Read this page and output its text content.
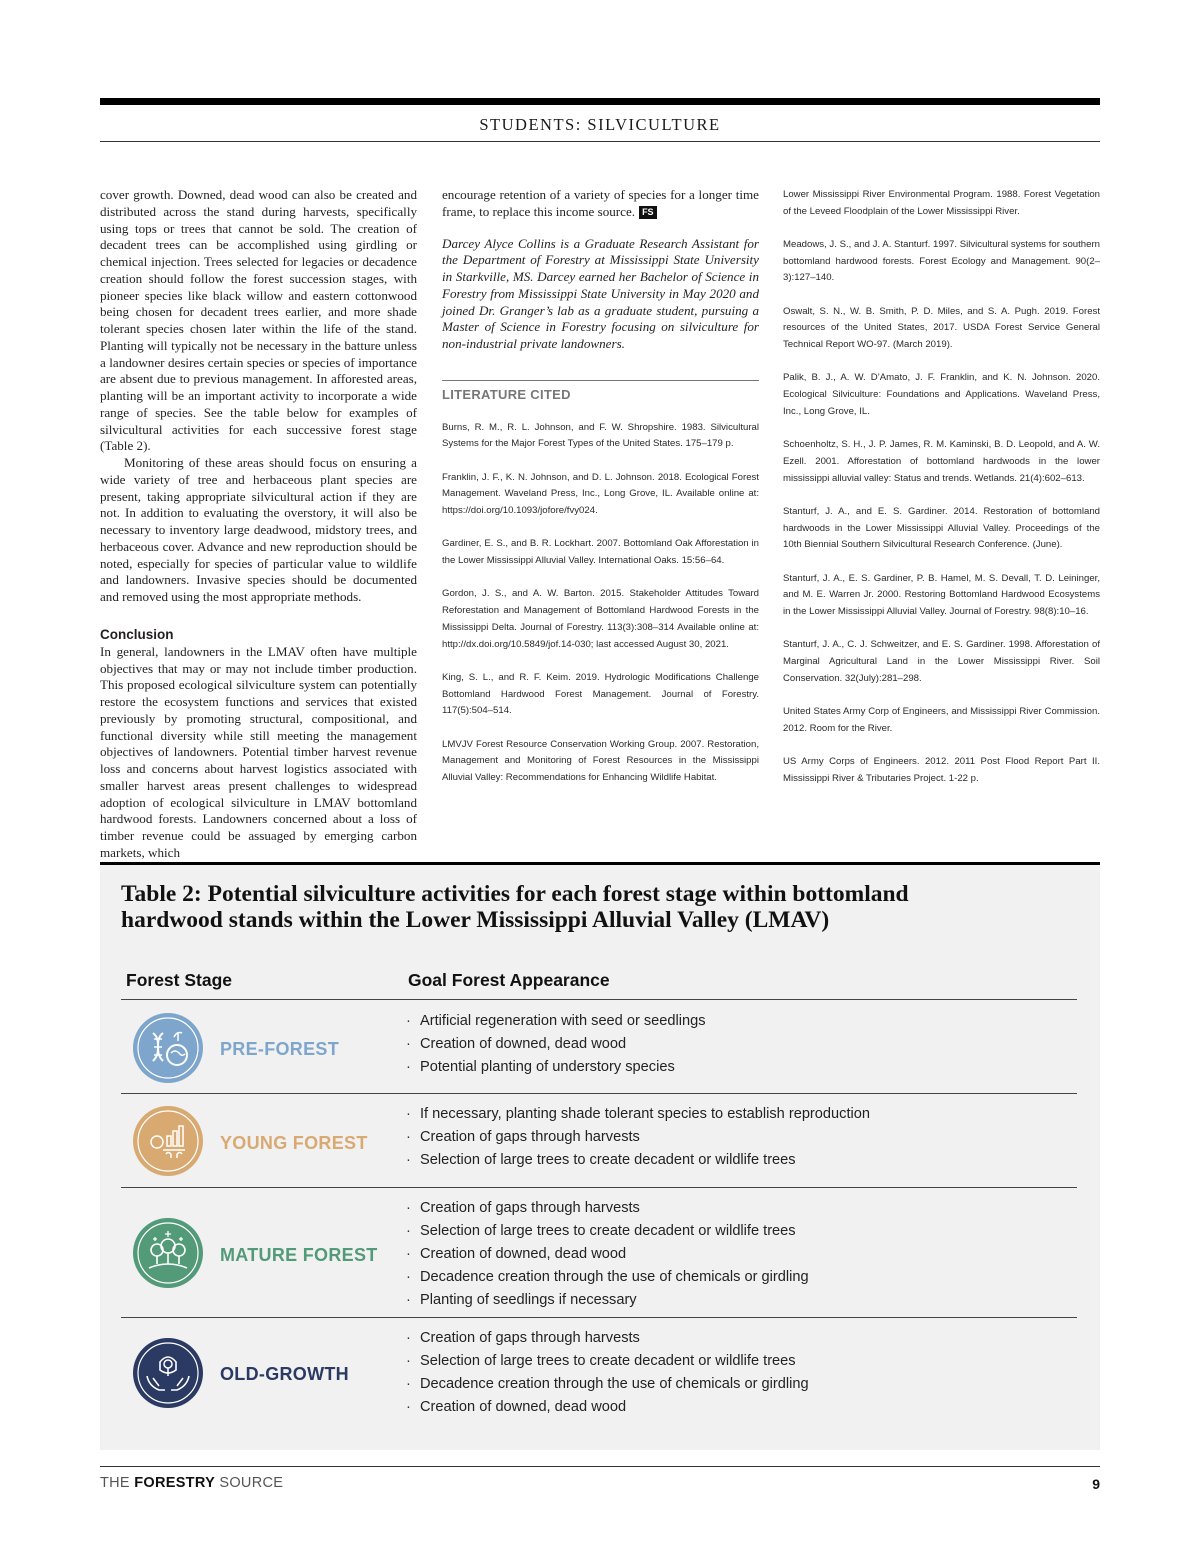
STUDENTS: SILVICULTURE

cover growth. Downed, dead wood can also be created and distributed across the stand during harvests, specifically using tops or trees that cannot be sold. The creation of decadent trees can be accomplished using girdling or chemical injection. Trees selected for legacies or decadence creation should follow the forest succession stages, with pioneer species like black willow and eastern cottonwood being chosen for decadent trees earlier, and more shade tolerant species chosen later within the life of the stand. Planting will typically not be necessary in the batture unless a landowner desires certain species or species of importance are absent due to previous management. In afforested areas, planting will be an important activity to incorporate a wide range of species. See the table below for examples of silvicultural activities for each successive forest stage (Table 2).

Monitoring of these areas should focus on ensuring a wide variety of tree and herbaceous plant species are present, taking appropriate silvicultural action if they are not. In addition to evaluating the overstory, it will also be necessary to inventory large deadwood, midstory trees, and herbaceous cover. Advance and new reproduction should be noted, especially for species of particular value to wildlife and landowners. Invasive species should be documented and removed using the most appropriate methods.

Conclusion

In general, landowners in the LMAV often have multiple objectives that may or may not include timber production. This proposed ecological silviculture system can potentially restore the ecosystem functions and services that existed previously by promoting structural, compositional, and functional diversity while still meeting the management objectives of landowners. Potential timber harvest revenue loss and concerns about harvest logistics associated with smaller harvest areas present challenges to widespread adoption of ecological silviculture in LMAV bottomland hardwood forests. Landowners concerned about a loss of timber revenue could be assuaged by emerging carbon markets, which

encourage retention of a variety of species for a longer time frame, to replace this income source. FS

Darcey Alyce Collins is a Graduate Research Assistant for the Department of Forestry at Mississippi State University in Starkville, MS. Darcey earned her Bachelor of Science in Forestry from Mississippi State University in May 2020 and joined Dr. Granger’s lab as a graduate student, pursuing a Master of Science in Forestry focusing on silviculture for non-industrial private landowners.

LITERATURE CITED

Burns, R. M., R. L. Johnson, and F. W. Shropshire. 1983. Silvicultural Systems for the Major Forest Types of the United States. 175–179 p.

Franklin, J. F., K. N. Johnson, and D. L. Johnson. 2018. Ecological Forest Management. Waveland Press, Inc., Long Grove, IL. Available online at: https://doi.org/10.1093/jofore/fvy024.

Gardiner, E. S., and B. R. Lockhart. 2007. Bottomland Oak Afforestation in the Lower Mississippi Alluvial Valley. International Oaks. 15:56–64.

Gordon, J. S., and A. W. Barton. 2015. Stakeholder Attitudes Toward Reforestation and Management of Bottomland Hardwood Forests in the Mississippi Delta. Journal of Forestry. 113(3):308–314 Available online at: http://dx.doi.org/10.5849/jof.14-030; last accessed August 30, 2021.

King, S. L., and R. F. Keim. 2019. Hydrologic Modifications Challenge Bottomland Hardwood Forest Management. Journal of Forestry. 117(5):504–514.

LMVJV Forest Resource Conservation Working Group. 2007. Restoration, Management and Monitoring of Forest Resources in the Mississippi Alluvial Valley: Recommendations for Enhancing Wildlife Habitat.

Lower Mississippi River Environmental Program. 1988. Forest Vegetation of the Leveed Floodplain of the Lower Mississippi River.

Meadows, J. S., and J. A. Stanturf. 1997. Silvicultural systems for southern bottomland hardwood forests. Forest Ecology and Management. 90(2–3):127–140.

Oswalt, S. N., W. B. Smith, P. D. Miles, and S. A. Pugh. 2019. Forest resources of the United States, 2017. USDA Forest Service General Technical Report WO-97. (March 2019).

Palik, B. J., A. W. D’Amato, J. F. Franklin, and K. N. Johnson. 2020. Ecological Silviculture: Foundations and Applications. Waveland Press, Inc., Long Grove, IL.

Schoenholtz, S. H., J. P. James, R. M. Kaminski, B. D. Leopold, and A. W. Ezell. 2001. Afforestation of bottomland hardwoods in the lower mississippi alluvial valley: Status and trends. Wetlands. 21(4):602–613.

Stanturf, J. A., and E. S. Gardiner. 2014. Restoration of bottomland hardwoods in the Lower Mississippi Alluvial Valley. Proceedings of the 10th Biennial Southern Silvicultural Research Conference. (June).

Stanturf, J. A., E. S. Gardiner, P. B. Hamel, M. S. Devall, T. D. Leininger, and M. E. Warren Jr. 2000. Restoring Bottomland Hardwood Ecosystems in the Lower Mississippi Alluvial Valley. Journal of Forestry. 98(8):10–16.

Stanturf, J. A., C. J. Schweitzer, and E. S. Gardiner. 1998. Afforestation of Marginal Agricultural Land in the Lower Mississippi River. Soil Conservation. 32(July):281–298.

United States Army Corp of Engineers, and Mississippi River Commission. 2012. Room for the River.

US Army Corps of Engineers. 2012. 2011 Post Flood Report Part II. Mississippi River & Tributaries Project. 1-22 p.

Table 2: Potential silviculture activities for each forest stage within bottomland
hardwood stands within the Lower Mississippi Alluvial Valley (LMAV)
Forest Stage	Goal Forest Appearance
PRE-FOREST
· Artificial regeneration with seed or seedlings
· Creation of downed, dead wood
· Potential planting of understory species
YOUNG FOREST
· If necessary, planting shade tolerant species to establish reproduction
· Creation of gaps through harvests
· Selection of large trees to create decadent or wildlife trees
MATURE FOREST
· Creation of gaps through harvests
· Selection of large trees to create decadent or wildlife trees
· Creation of downed, dead wood
· Decadence creation through the use of chemicals or girdling
· Planting of seedlings if necessary
OLD-GROWTH
· Creation of gaps through harvests
· Selection of large trees to create decadent or wildlife trees
· Decadence creation through the use of chemicals or girdling
· Creation of downed, dead wood
THE FORESTRY SOURCE	9
